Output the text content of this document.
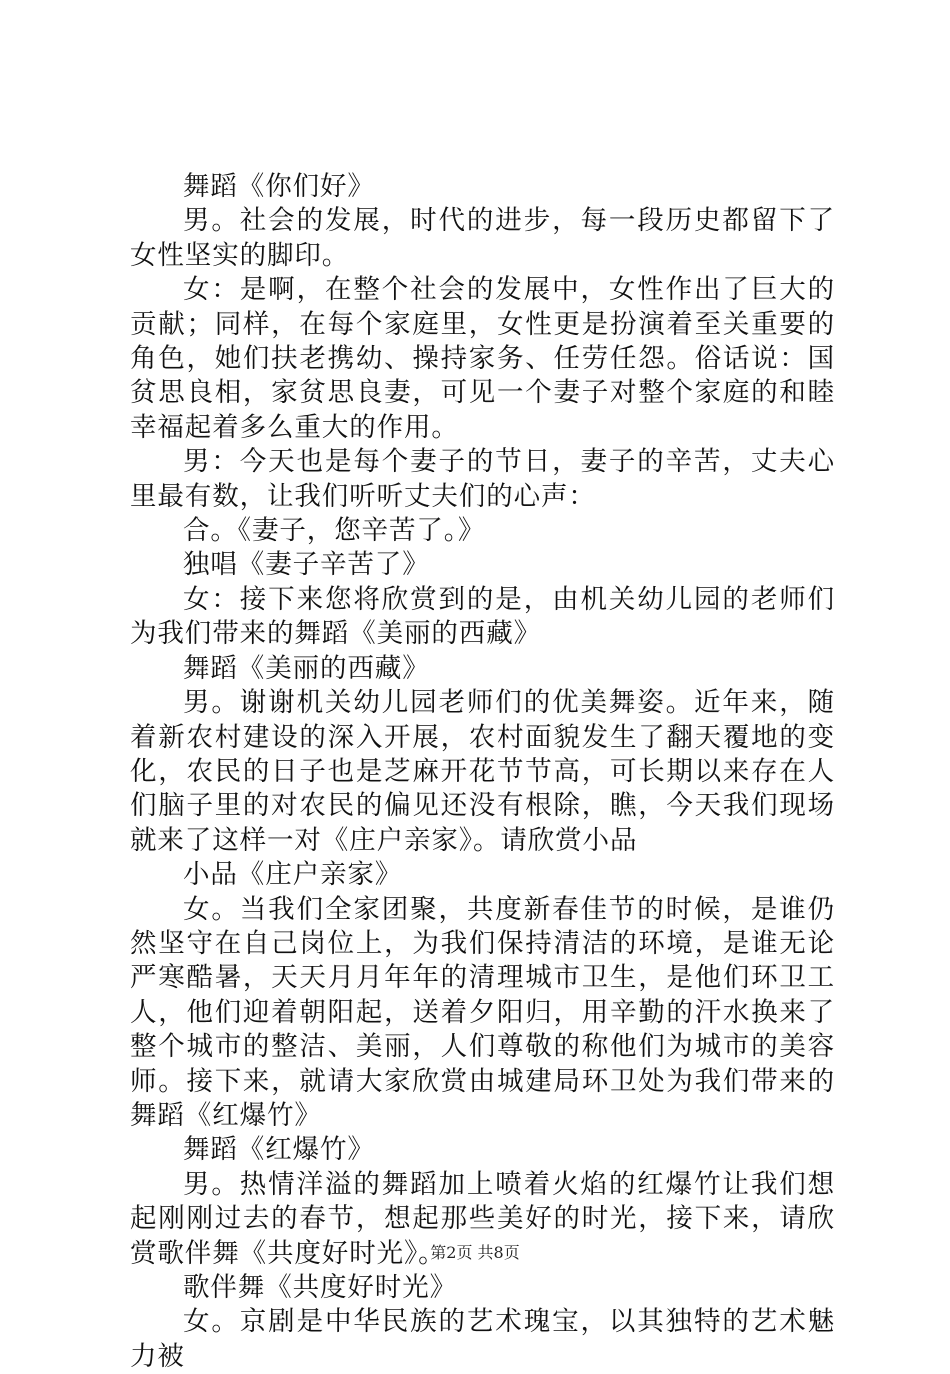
舞蹈《你们好》

男。社会的发展，时代的进步，每一段历史都留下了女性坚实的脚印。

女：是啊，在整个社会的发展中，女性作出了巨大的贡献；同样，在每个家庭里，女性更是扮演着至关重要的角色，她们扶老携幼、操持家务、任劳任怨。俗话说：国贫思良相，家贫思良妻，可见一个妻子对整个家庭的和睦幸福起着多么重大的作用。

男：今天也是每个妻子的节日，妻子的辛苦，丈夫心里最有数，让我们听听丈夫们的心声：

合。《妻子，您辛苦了。》

独唱《妻子辛苦了》

女：接下来您将欣赏到的是，由机关幼儿园的老师们为我们带来的舞蹈《美丽的西藏》

舞蹈《美丽的西藏》

男。谢谢机关幼儿园老师们的优美舞姿。近年来，随着新农村建设的深入开展，农村面貌发生了翻天覆地的变化，农民的日子也是芝麻开花节节高，可长期以来存在人们脑子里的对农民的偏见还没有根除，瞧，今天我们现场就来了这样一对《庄户亲家》。请欣赏小品

小品《庄户亲家》

女。当我们全家团聚，共度新春佳节的时候，是谁仍然坚守在自己岗位上，为我们保持清洁的环境，是谁无论严寒酷暑，天天月月年年的清理城市卫生，是他们环卫工人，他们迎着朝阳起，送着夕阳归，用辛勤的汗水换来了整个城市的整洁、美丽，人们尊敬的称他们为城市的美容师。接下来，就请大家欣赏由城建局环卫处为我们带来的舞蹈《红爆竹》

舞蹈《红爆竹》

男。热情洋溢的舞蹈加上喷着火焰的红爆竹让我们想起刚刚过去的春节，想起那些美好的时光，接下来，请欣赏歌伴舞《共度好时光》。

歌伴舞《共度好时光》

女。京剧是中华民族的艺术瑰宝，以其独特的艺术魅力被

第2页 共8页
